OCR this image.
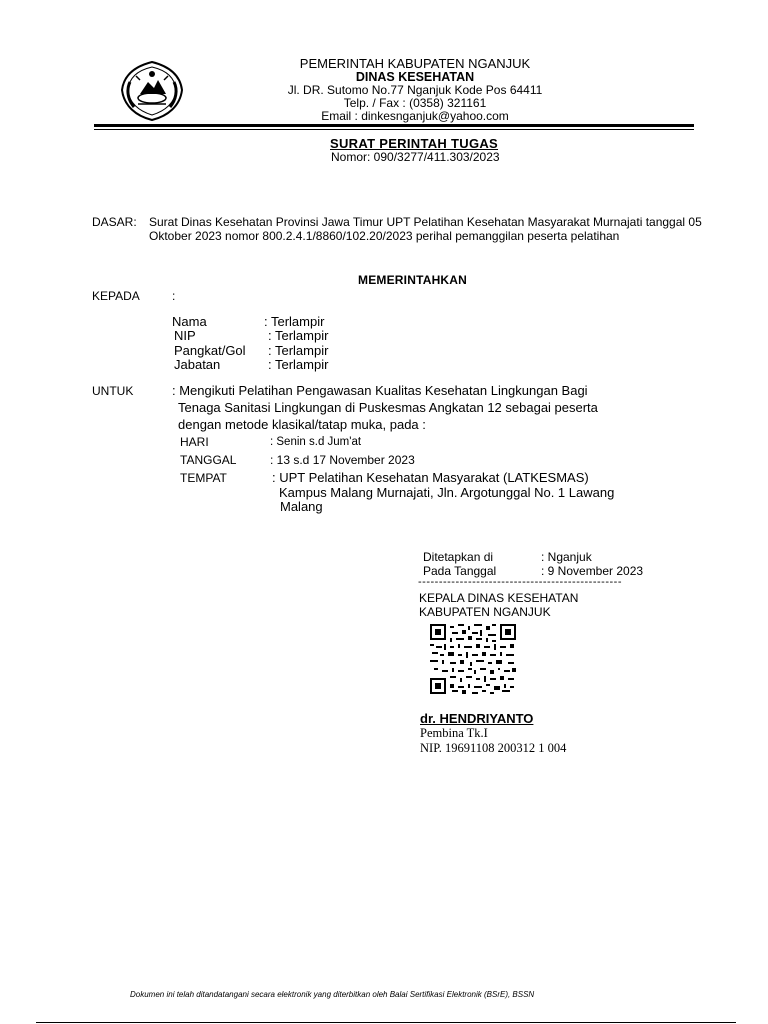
PEMERINTAH KABUPATEN NGANJUK
DINAS KESEHATAN
Jl. DR. Sutomo No.77 Nganjuk Kode Pos 64411
Telp. / Fax : (0358) 321161
Email : dinkesnganjuk@yahoo.com
SURAT PERINTAH TUGAS
Nomor: 090/3277/411.303/2023
DASAR: Surat Dinas Kesehatan Provinsi Jawa Timur UPT Pelatihan Kesehatan Masyarakat Murnajati tanggal 05 Oktober 2023 nomor 800.2.4.1/8860/102.20/2023 perihal pemanggilan peserta pelatihan
MEMERINTAHKAN
KEPADA	:
Nama	: Terlampir
NIP	: Terlampir
Pangkat/Gol : Terlampir
Jabatan	: Terlampir
UNTUK	: Mengikuti Pelatihan Pengawasan Kualitas Kesehatan Lingkungan Bagi
Tenaga Sanitasi Lingkungan di Puskesmas Angkatan 12 sebagai peserta
dengan metode klasikal/tatap muka, pada :
HARI	: Senin s.d Jum'at
TANGGAL	: 13 s.d 17 November 2023
TEMPAT	: UPT Pelatihan Kesehatan Masyarakat (LATKESMAS)
Kampus Malang Murnajati, Jln. Argotunggal No. 1 Lawang
Malang
Ditetapkan di	: Nganjuk
Pada Tanggal	: 9 November 2023
-------------------------------------------------
KEPALA DINAS KESEHATAN
KABUPATEN NGANJUK
dr. HENDRIYANTO
Pembina Tk.I
NIP. 19691108 200312 1 004
Dokumen ini telah ditandatangani secara elektronik yang diterbitkan oleh Balai Sertifikasi Elektronik (BSrE), BSSN
